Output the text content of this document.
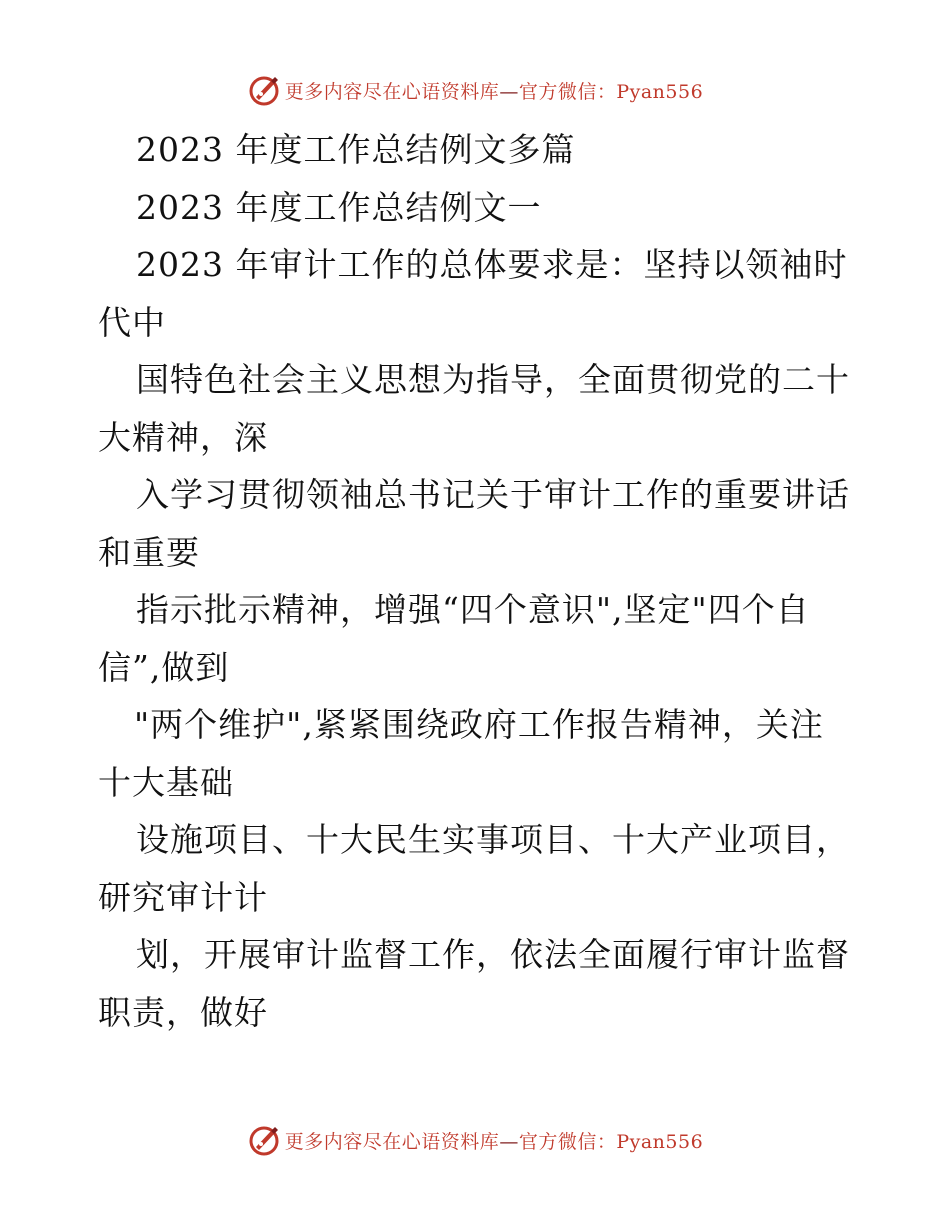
更多内容尽在心语资料库—官方微信：Pyan556
2023 年度工作总结例文多篇
2023 年度工作总结例文一
2023 年审计工作的总体要求是：坚持以领袖时
代中
国特色社会主义思想为指导，全面贯彻党的二十
大精神，深
入学习贯彻领袖总书记关于审计工作的重要讲话
和重要
指示批示精神，增强“四个意识",坚定"四个自
信”,做到
"两个维护",紧紧围绕政府工作报告精神，关注
十大基础
设施项目、十大民生实事项目、十大产业项目，
研究审计计
划，开展审计监督工作，依法全面履行审计监督
职责，做好
更多内容尽在心语资料库—官方微信：Pyan556
